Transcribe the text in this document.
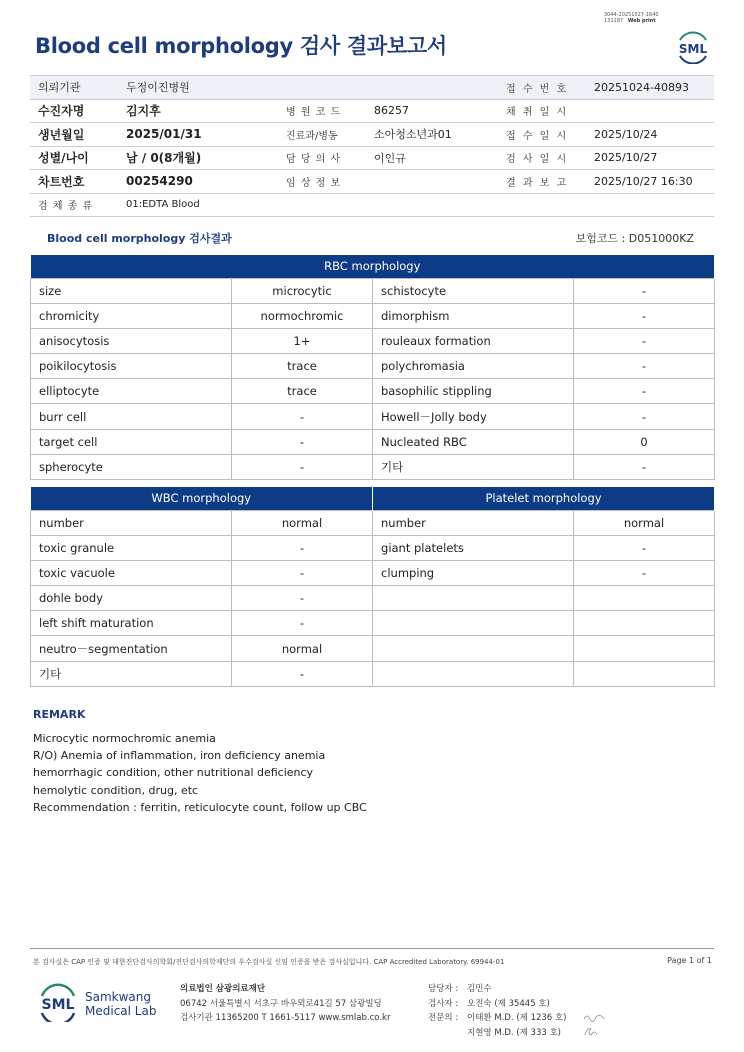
3044-20251027-1640
131187 Web print
Blood cell morphology 검사 결과보고서	SML
의뢰기관	두정이진병원			접 수 번 호	20251024-40893
수진자명	김지후	병 원 코 드	86257	채 취 일 시	
생년월일	2025/01/31	진료과/병동	소아청소년과01	접 수 일 시	2025/10/24
성별/나이	남 / 0(8개월)	담 당 의 사	이인규	검 사 일 시	2025/10/27
차트번호	00254290	임 상 정 보		결 과 보 고	2025/10/27 16:30
검 체 종 류	01:EDTA Blood				
Blood cell morphology 검사결과	보험코드 : D051000KZ
RBC morphology			
size	microcytic	schistocyte	-
chromicity	normochromic	dimorphism	-
anisocytosis	1+	rouleaux formation	-
poikilocytosis	trace	polychromasia	-
elliptocyte	trace	basophilic stippling	-
burr cell	-	Howell－Jolly body	-
target cell	-	Nucleated RBC	0
spherocyte	-	기타	-
WBC morphology		Platelet morphology	
number	normal	number	normal
toxic granule	-	giant platelets	-
toxic vacuole	-	clumping	-
dohle body	-		
left shift maturation	-		
neutro－segmentation	normal		
기타	-		
REMARK
Microcytic normochromic anemia
R/O) Anemia of inflammation, iron deficiency anemia
hemorrhagic condition, other nutritional deficiency
hemolytic condition, drug, etc
Recommendation : ferritin, reticulocyte count, follow up CBC
본 검사실은 CAP 인증 및 대한진단검사의학회/진단검사의학재단의 우수검사실 신임 인증을 받은 검사실입니다. CAP Accredited Laboratory. 69944-01	Page 1 of 1
SML Samkwang
Medical Lab
의료법인 삼광의료재단
06742 서울특별시 서초구 바우뫼로41길 57 삼광빌딩
검사기관 11365200 T 1661-5117 www.smlab.co.kr
담당자 :	김민수
검사자 :	오진숙 (제 35445 호)
전문의 :	이태환 M.D. (제 1236 호)
지현영 M.D. (제 333 호)
